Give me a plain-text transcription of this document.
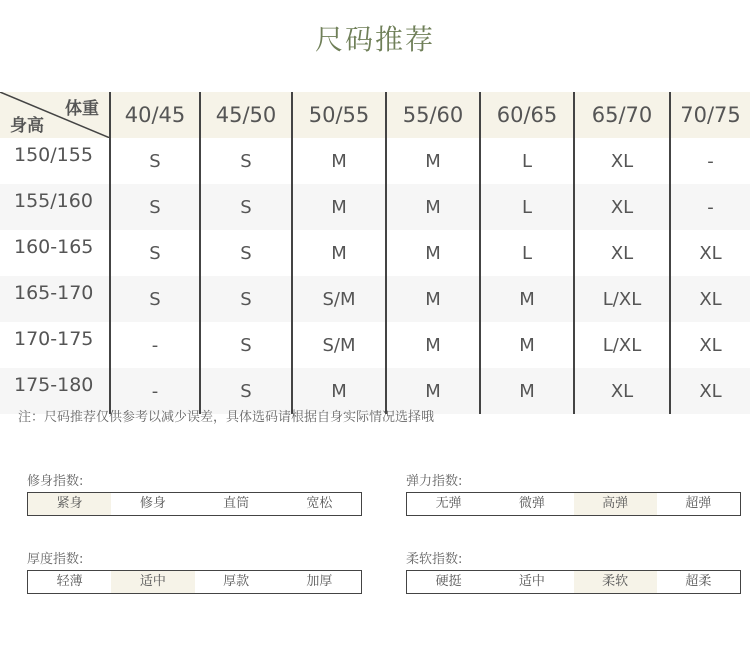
尺码推荐
体重
身高	40/45	45/50	50/55	55/60	60/65	65/70	70/75
150/155	S	S	M	M	L	XL	-
155/160	S	S	M	M	L	XL	-
160-165	S	S	M	M	L	XL	XL
165-170	S	S	S/M	M	M	L/XL	XL
170-175	-	S	S/M	M	M	L/XL	XL
175-180	-	S	M	M	M	XL	XL
注：尺码推荐仅供参考以减少误差，具体选码请根据自身实际情况选择哦
修身指数:
紧身	修身	直筒	宽松
弹力指数:
无弹	微弹	高弹	超弹
厚度指数:
轻薄	适中	厚款	加厚
柔软指数:
硬挺	适中	柔软	超柔
